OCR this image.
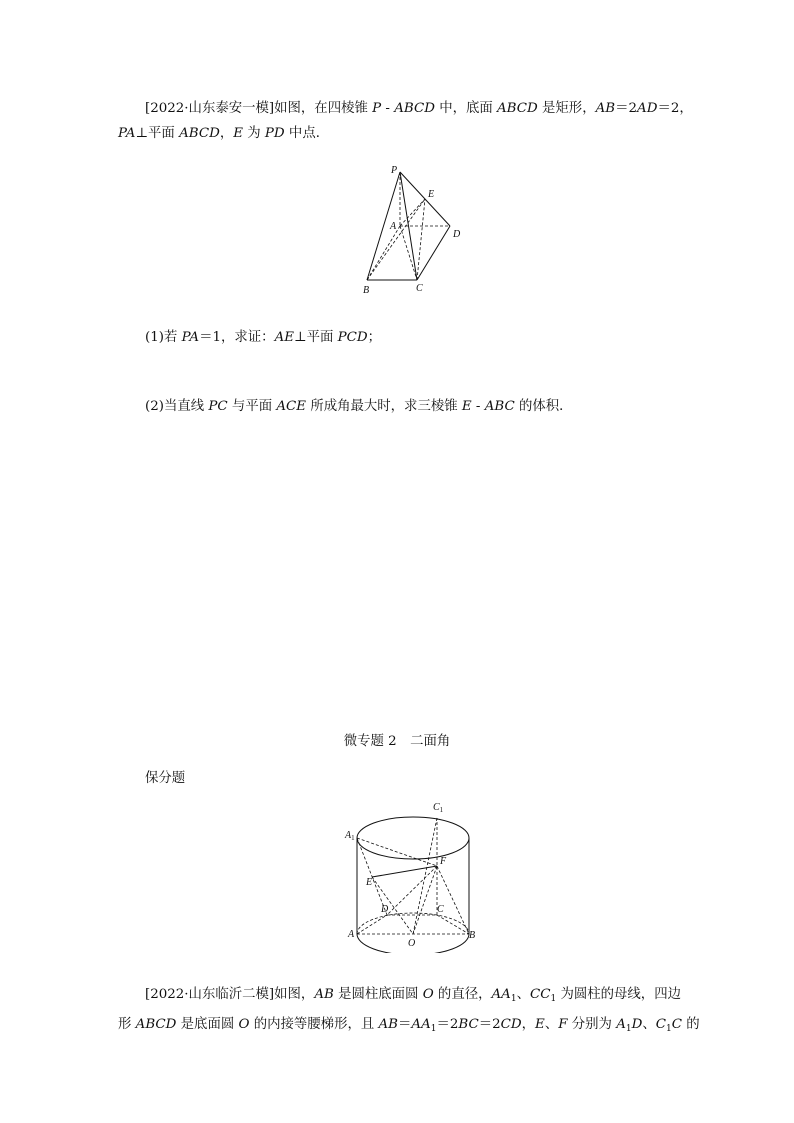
[2022·山东泰安一模]如图，在四棱锥 P - ABCD 中，底面 ABCD 是矩形，AB＝2AD＝2，
PA⊥平面 ABCD，E 为 PD 中点．

P
E
A
D
B	C
(1)若 PA＝1，求证：AE⊥平面 PCD；
(2)当直线 PC 与平面 ACE 所成角最大时，求三棱锥 E - ABC 的体积．
微专题 2　二面角
保分题
$C_1$
$A_1$
F
E
D	C
A	B
O

[2022·山东临沂二模]如图，AB 是圆柱底面圆 O 的直径，$AA_1$、$CC_1$ 为圆柱的母线，四边
形 ABCD 是底面圆 O 的内接等腰梯形，且 $AB=AA_1=2BC=2CD$，E、F 分别为 $A_1D$、$C_1C$ 的
